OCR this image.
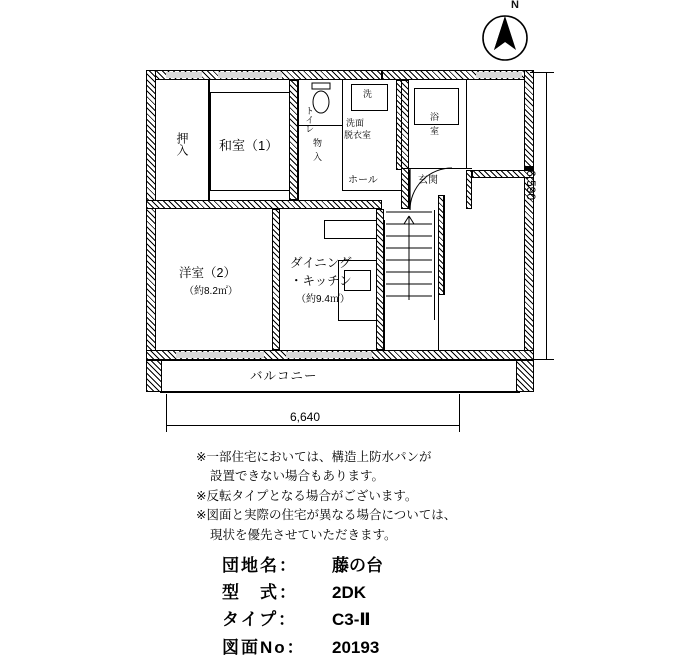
N
押入 和室（1）
トイレ	洗面
脱衣室
洗
浴
室
物
入
ホール	玄関
洋室（2）
（約8.2㎡）
ダイニング
・キッチン
（約9.4㎡）
バルコニー
6,590
6,640
※一部住宅においては、構造上防水パンが
設置できない場合もあります。
※反転タイプとなる場合がございます。
※図面と実際の住宅が異なる場合については、
現状を優先させていただきます。
団地名：	藤の台
型　式：	2DK
タイプ：	C3-Ⅱ
図面No：	20193
